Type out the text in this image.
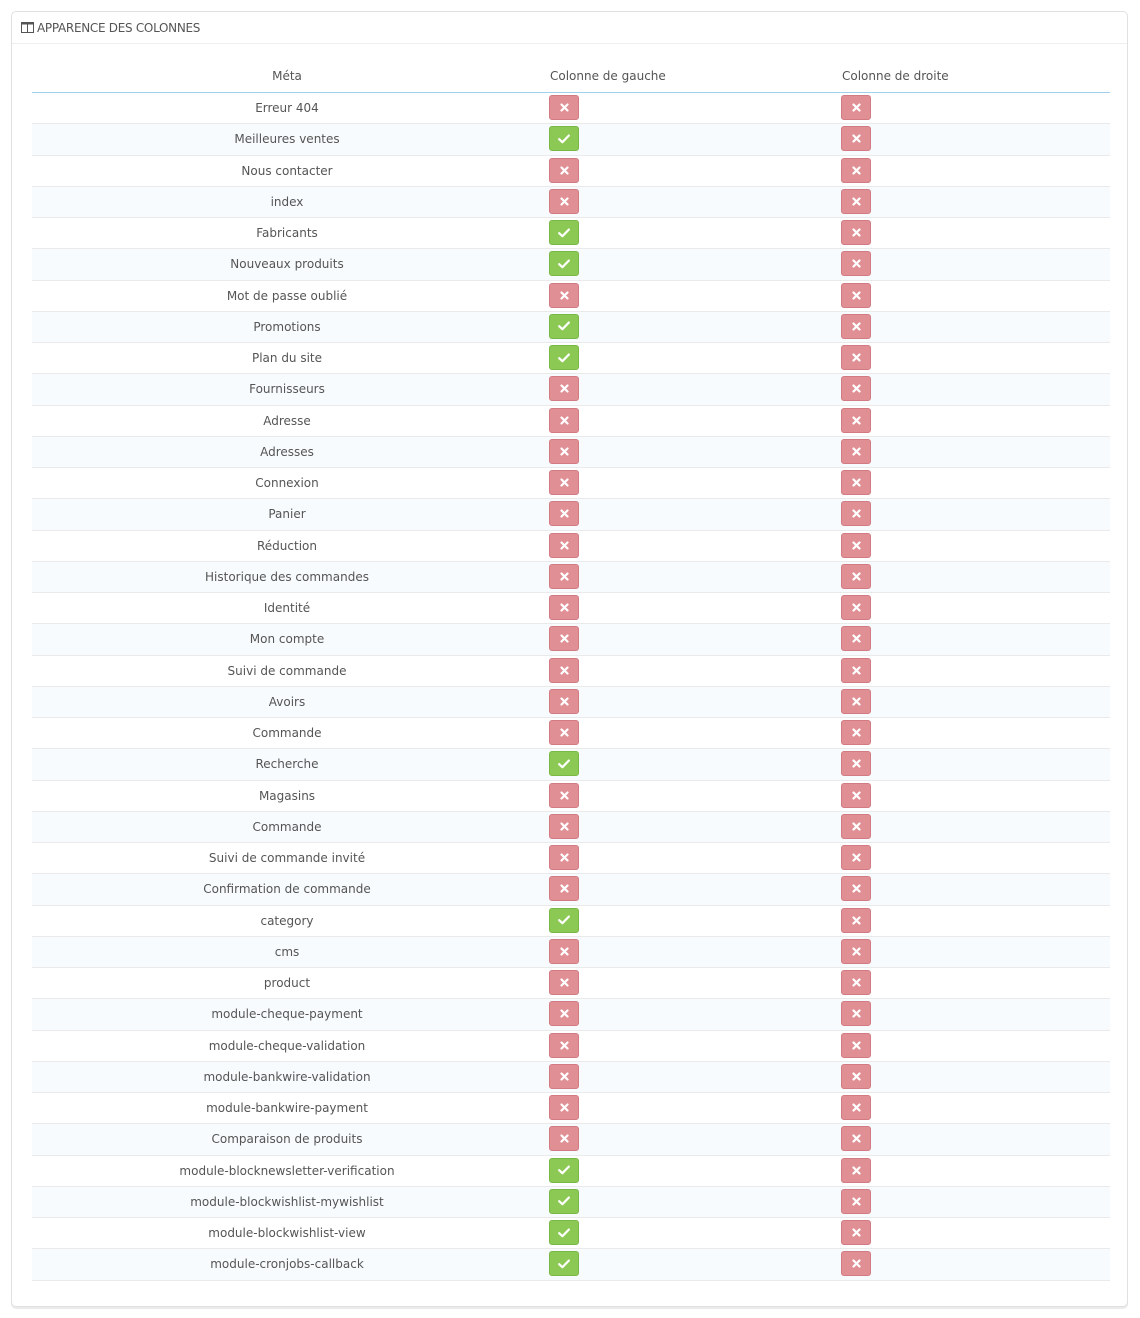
APPARENCE DES COLONNES
Méta	Colonne de gauche	Colonne de droite
Erreur 404
Meilleures ventes
Nous contacter
index
Fabricants
Nouveaux produits
Mot de passe oublié
Promotions
Plan du site
Fournisseurs
Adresse
Adresses
Connexion
Panier
Réduction
Historique des commandes
Identité
Mon compte
Suivi de commande
Avoirs
Commande
Recherche
Magasins
Commande
Suivi de commande invité
Confirmation de commande
category
cms
product
module-cheque-payment
module-cheque-validation
module-bankwire-validation
module-bankwire-payment
Comparaison de produits
module-blocknewsletter-verification
module-blockwishlist-mywishlist
module-blockwishlist-view
module-cronjobs-callback
